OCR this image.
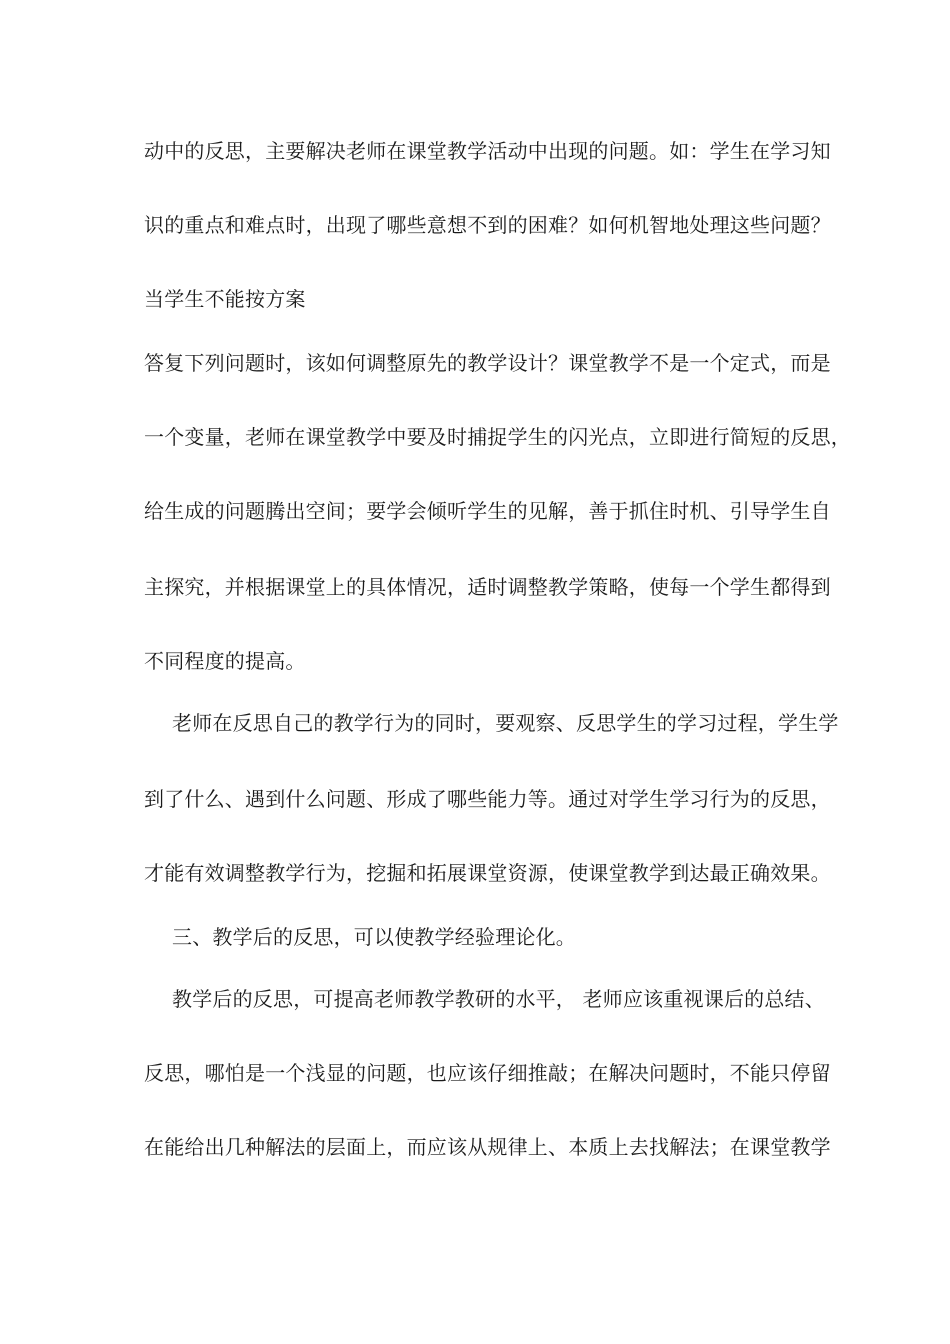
动中的反思，主要解决老师在课堂教学活动中出现的问题。如：学生在学习知
识的重点和难点时，出现了哪些意想不到的困难？如何机智地处理这些问题？
当学生不能按方案
答复下列问题时，该如何调整原先的教学设计？课堂教学不是一个定式，而是
一个变量，老师在课堂教学中要及时捕捉学生的闪光点，立即进行简短的反思，
给生成的问题腾出空间；要学会倾听学生的见解，善于抓住时机、引导学生自
主探究，并根据课堂上的具体情况，适时调整教学策略，使每一个学生都得到
不同程度的提高。
老师在反思自己的教学行为的同时，要观察、反思学生的学习过程，学生学
到了什么、遇到什么问题、形成了哪些能力等。通过对学生学习行为的反思，
才能有效调整教学行为，挖掘和拓展课堂资源，使课堂教学到达最正确效果。
三、教学后的反思，可以使教学经验理论化。
教学后的反思，可提高老师教学教研的水平， 老师应该重视课后的总结、
反思，哪怕是一个浅显的问题，也应该仔细推敲；在解决问题时，不能只停留
在能给出几种解法的层面上，而应该从规律上、本质上去找解法；在课堂教学
